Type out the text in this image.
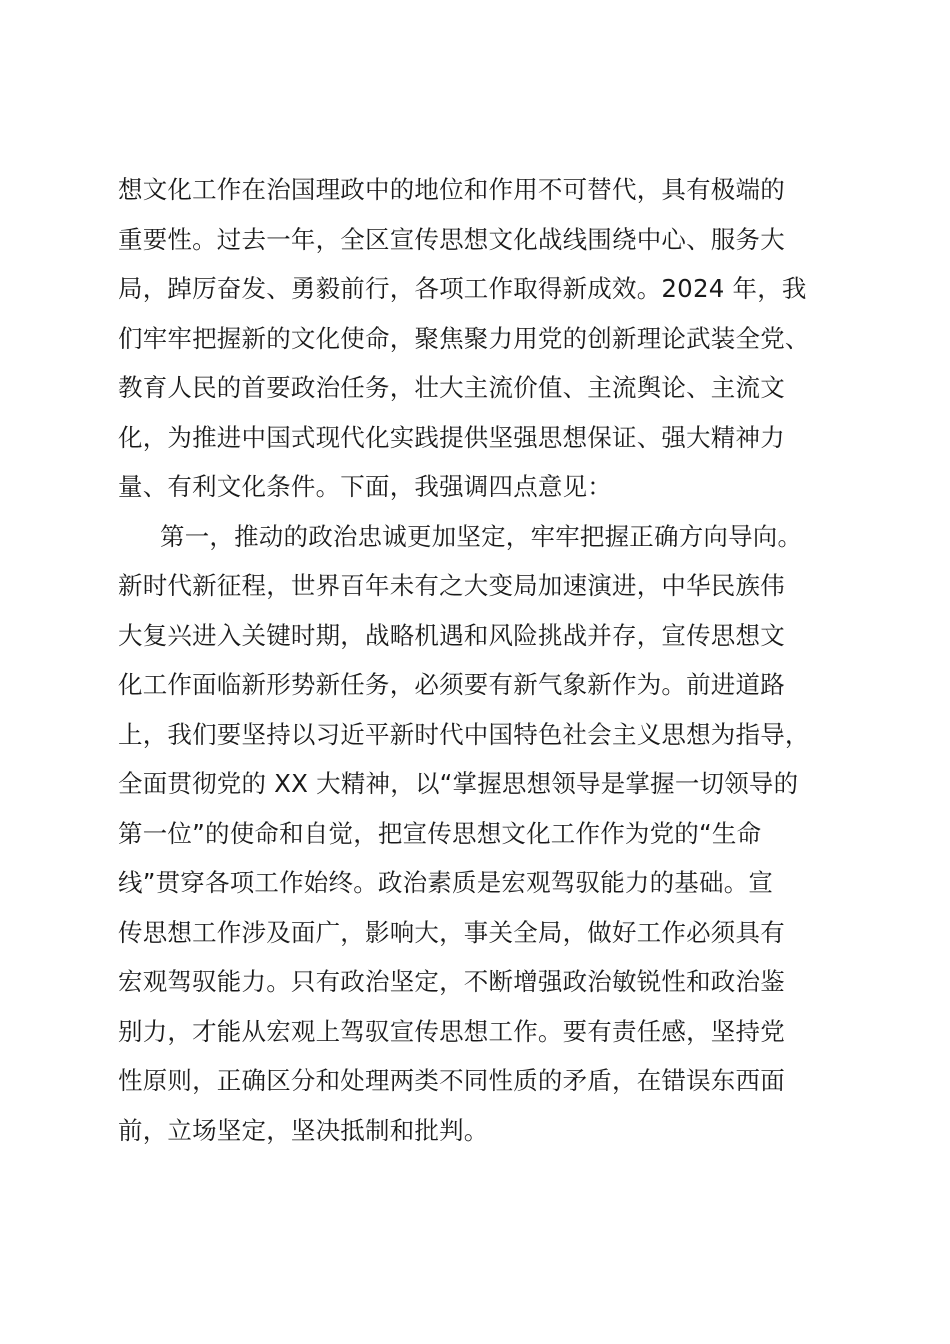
想文化工作在治国理政中的地位和作用不可替代，具有极端的
重要性。过去一年，全区宣传思想文化战线围绕中心、服务大
局，踔厉奋发、勇毅前行，各项工作取得新成效。2024 年，我
们牢牢把握新的文化使命，聚焦聚力用党的创新理论武装全党、
教育人民的首要政治任务，壮大主流价值、主流舆论、主流文
化，为推进中国式现代化实践提供坚强思想保证、强大精神力
量、有利文化条件。下面，我强调四点意见：
第一，推动的政治忠诚更加坚定，牢牢把握正确方向导向。
新时代新征程，世界百年未有之大变局加速演进，中华民族伟
大复兴进入关键时期，战略机遇和风险挑战并存，宣传思想文
化工作面临新形势新任务，必须要有新气象新作为。前进道路
上，我们要坚持以习近平新时代中国特色社会主义思想为指导，
全面贯彻党的 XX 大精神，以“掌握思想领导是掌握一切领导的
第一位”的使命和自觉，把宣传思想文化工作作为党的“生命
线”贯穿各项工作始终。政治素质是宏观驾驭能力的基础。宣
传思想工作涉及面广，影响大，事关全局，做好工作必须具有
宏观驾驭能力。只有政治坚定，不断增强政治敏锐性和政治鉴
别力，才能从宏观上驾驭宣传思想工作。要有责任感，坚持党
性原则，正确区分和处理两类不同性质的矛盾，在错误东西面
前，立场坚定，坚决抵制和批判。
